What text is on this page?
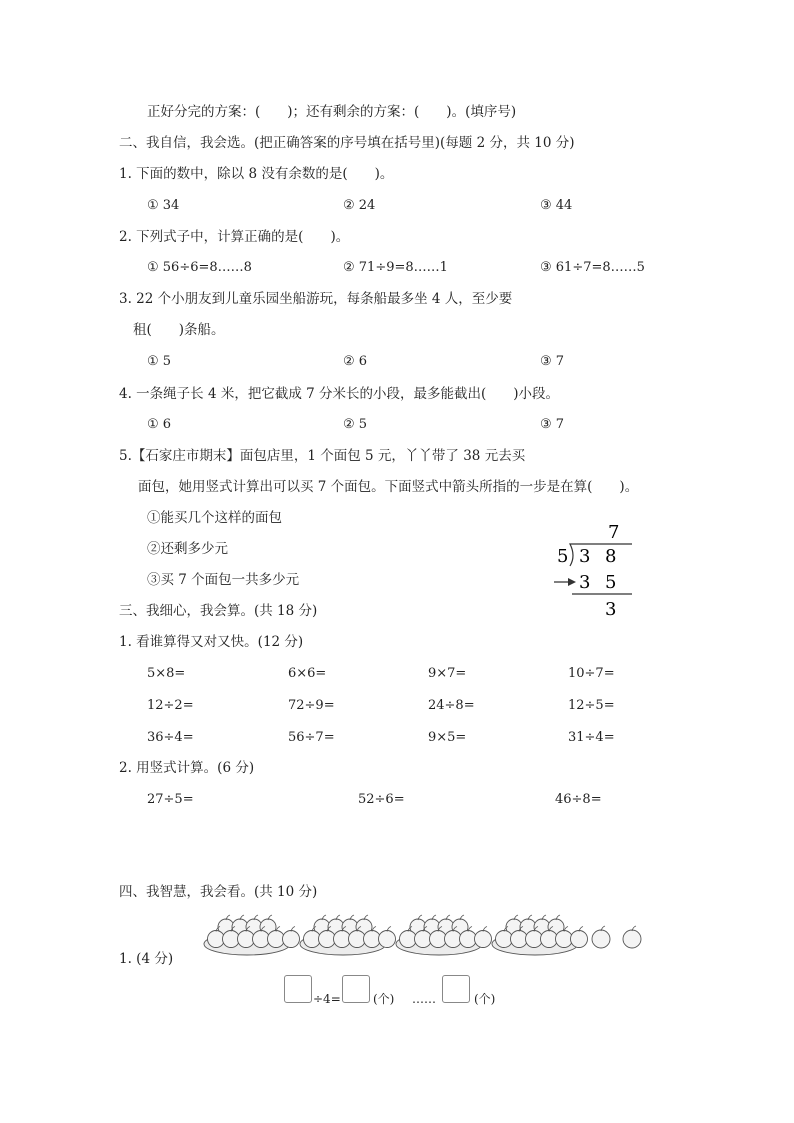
正好分完的方案：(　　)；还有剩余的方案：(　　)。(填序号)
二、我自信，我会选。(把正确答案的序号填在括号里)(每题 2 分，共 10 分)
1. 下面的数中，除以 8 没有余数的是(　　)。
① 34	② 24	③ 44
2. 下列式子中，计算正确的是(　　)。
① 56÷6=8……8	② 71÷9=8……1	③ 61÷7=8……5
3. 22 个小朋友到儿童乐园坐船游玩，每条船最多坐 4 人，至少要
租(　　)条船。
① 5	② 6	③ 7
4. 一条绳子长 4 米，把它截成 7 分米长的小段，最多能截出(　　)小段。
① 6	② 5	③ 7
5.【石家庄市期末】面包店里，1 个面包 5 元，丫丫带了 38 元去买
面包，她用竖式计算出可以买 7 个面包。下面竖式中箭头所指的一步是在算(　　)。
①能买几个这样的面包
②还剩多少元
③买 7 个面包一共多少元
7
5 3 8
3 5
3
三、我细心，我会算。(共 18 分)
1. 看谁算得又对又快。(12 分)
5×8=	6×6=	9×7=	10÷7=
12÷2=	72÷9=	24÷8=	12÷5=
36÷4=	56÷7=	9×5=	31÷4=
2. 用竖式计算。(6 分)
27÷5=	52÷6=	46÷8=
四、我智慧，我会看。(共 10 分)
1. (4 分)
÷4=	(个) ……	(个)
